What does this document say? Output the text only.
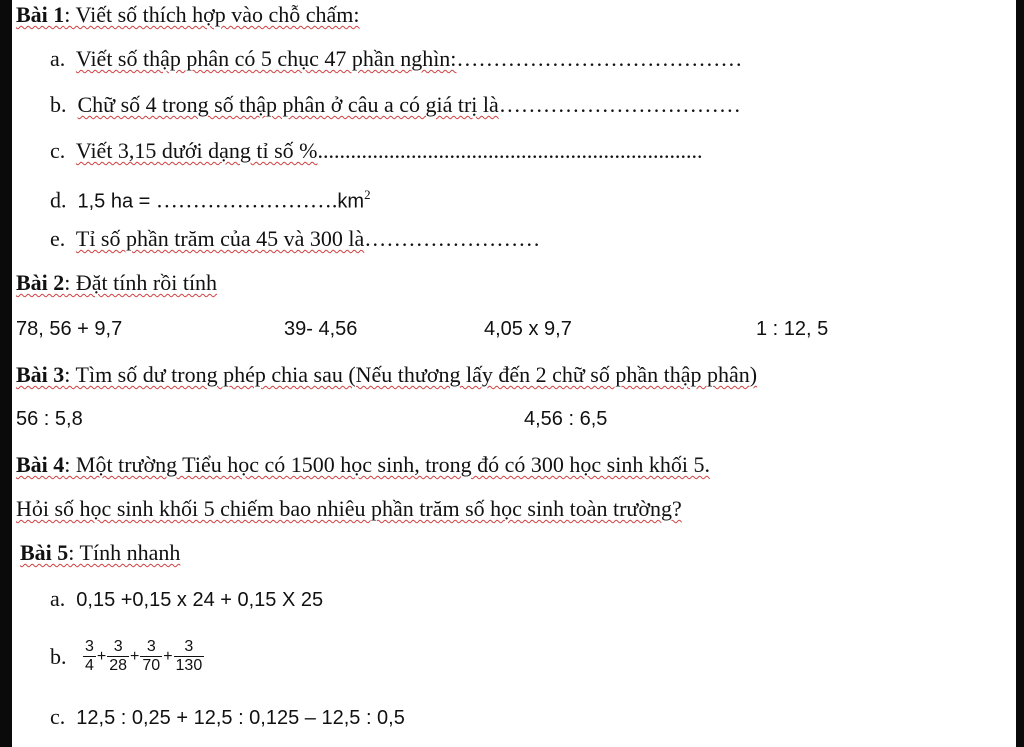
Bài 1: Viết số thích hợp vào chỗ chấm:
a. Viết số thập phân có 5 chục 47 phần nghìn:…………………………………
b. Chữ số 4 trong số thập phân ở câu a có giá trị là……………………………
c. Viết 3,15 dưới dạng tỉ số %......................................................................
d. 1,5 ha = $\dots\dots\dots\dots\dots\dots\dots\dots.km^2$
e. Tỉ số phần trăm của 45 và 300 là……………………
Bài 2: Đặt tính rồi tính
78, 56 + 9,7	39- 4,56	4,05 x 9,7	1 : 12, 5
Bài 3: Tìm số dư trong phép chia sau (Nếu thương lấy đến 2 chữ số phần thập phân)
56 : 5,8	4,56 : 6,5
Bài 4: Một trường Tiểu học có 1500 học sinh, trong đó có 300 học sinh khối 5.
Hỏi số học sinh khối 5 chiếm bao nhiêu phần trăm số học sinh toàn trường?
Bài 5: Tính nhanh
a. 0,15 +0,15 x 24 + 0,15 X 25
b. $\frac{3}{4} + \frac{3}{28} + \frac{3}{70} + \frac{3}{130}$
c. 12,5 : 0,25 + 12,5 : 0,125 – 12,5 : 0,5
